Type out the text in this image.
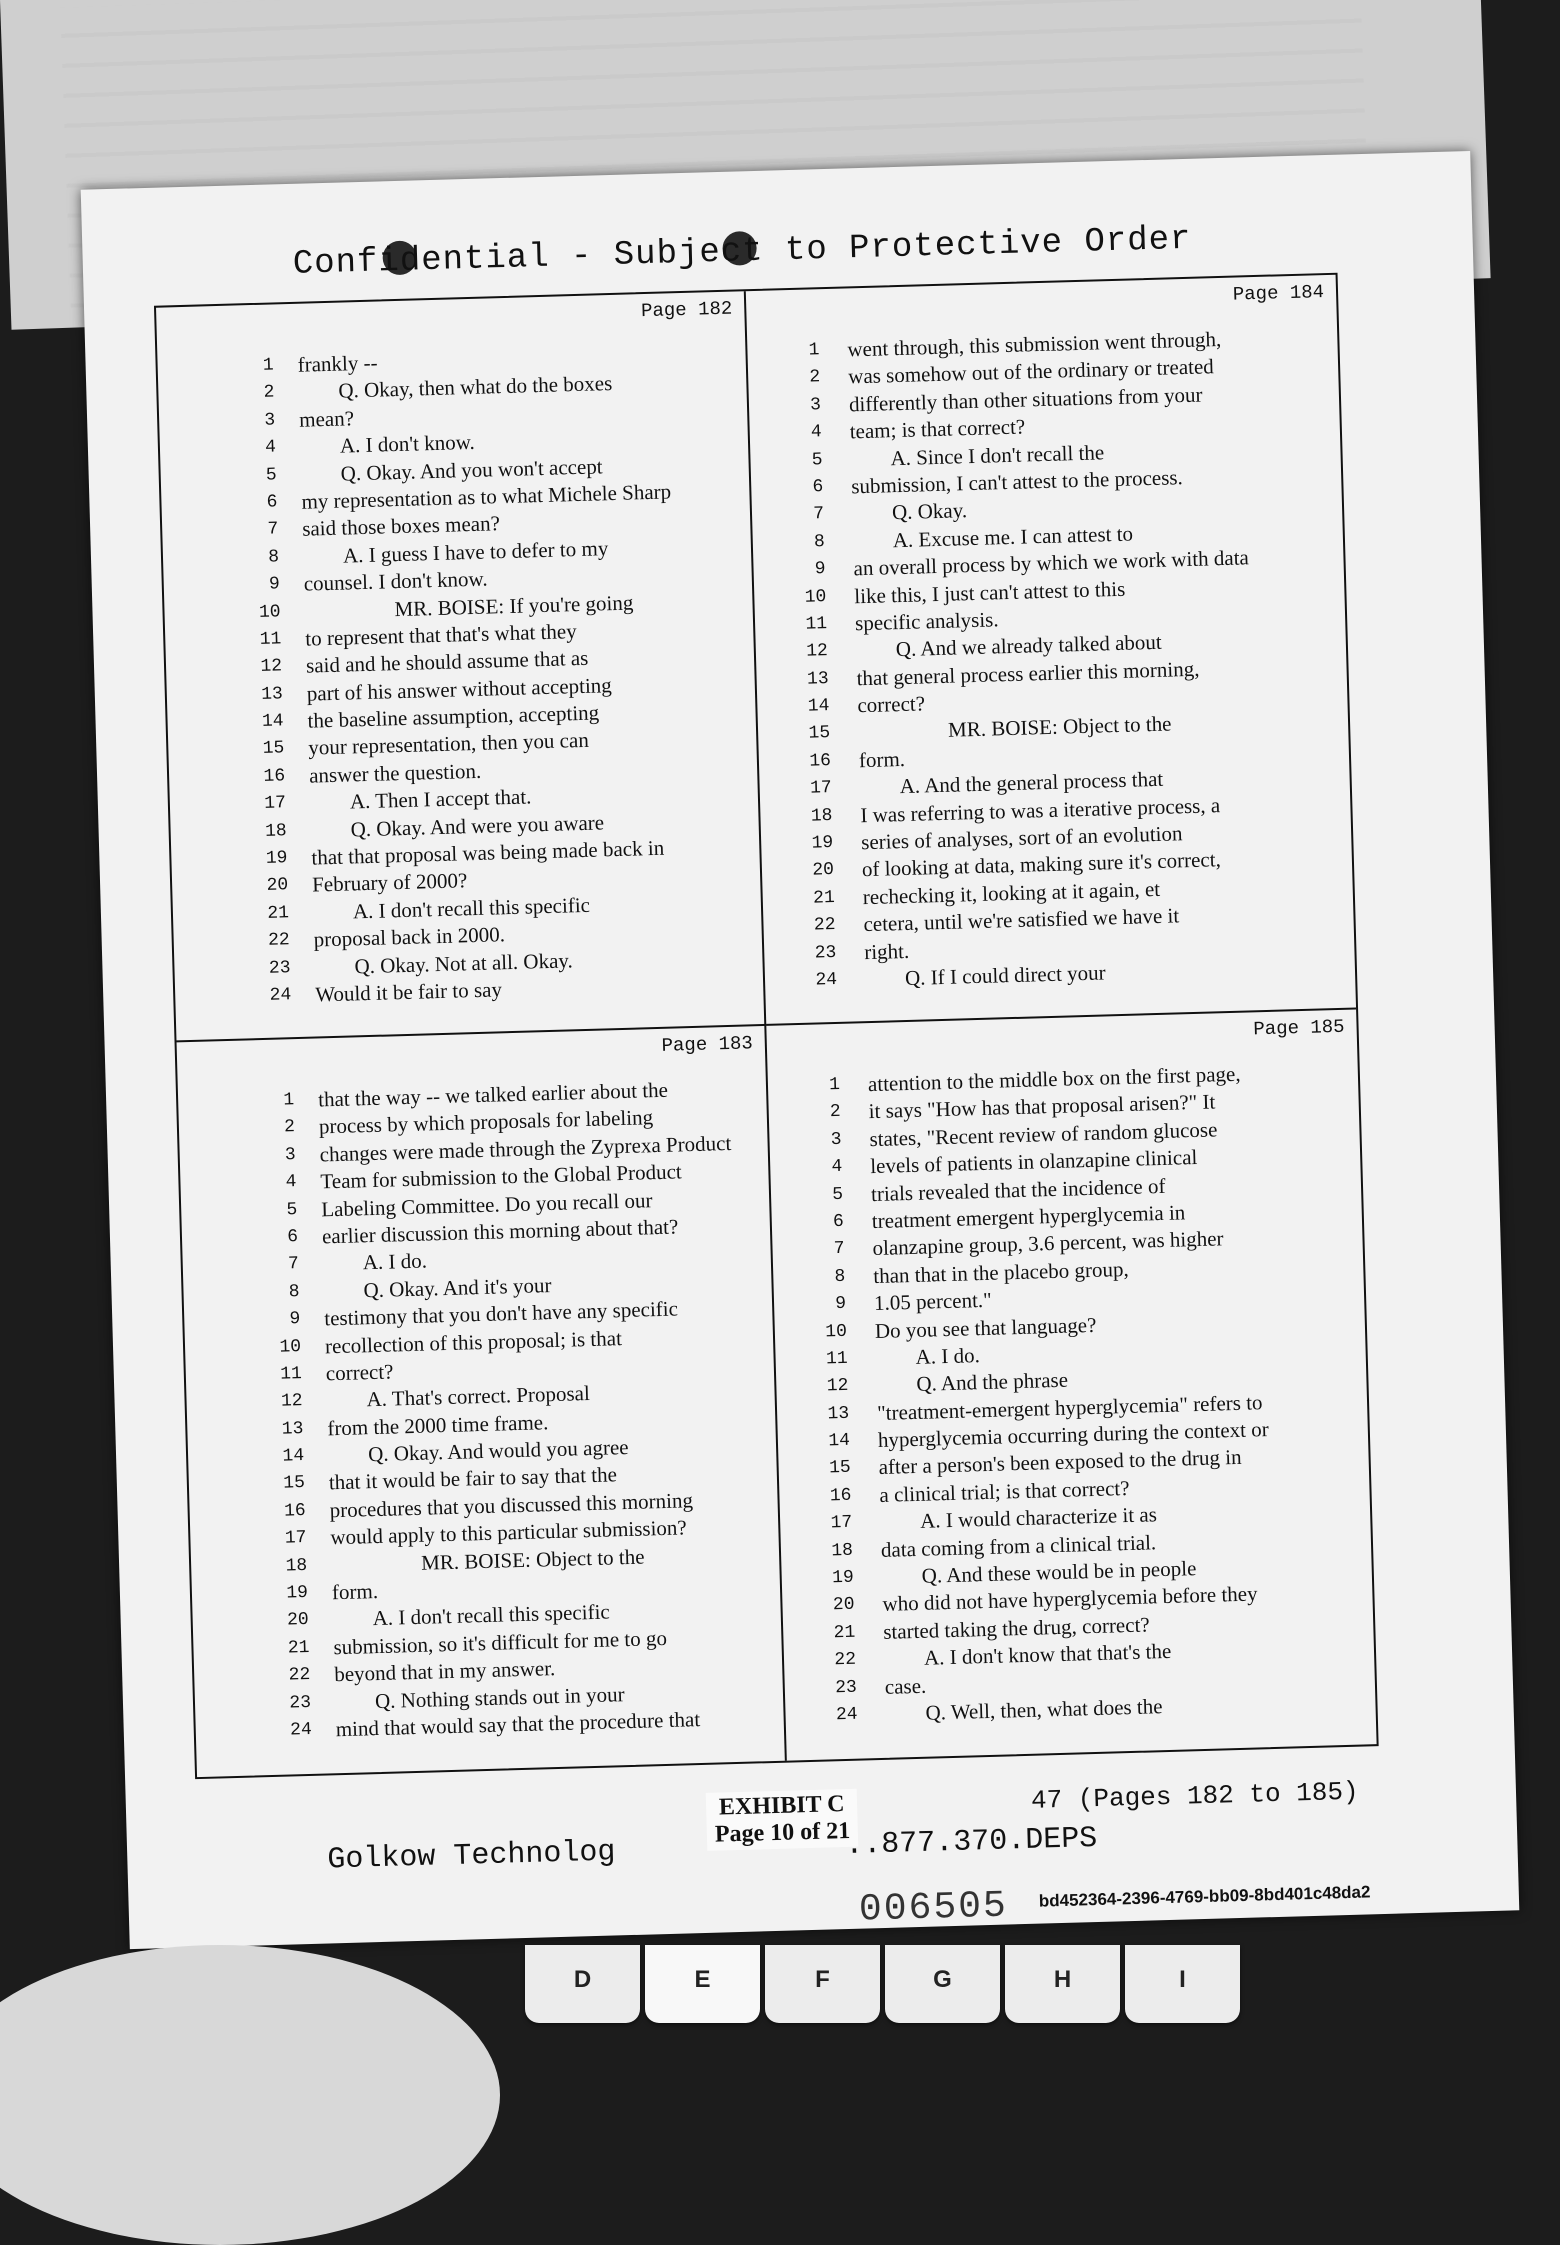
Confidential - Subject to Protective Order
Page 182
1 frankly --
2	Q. Okay, then what do the boxes
3 mean?
4	A. I don't know.
5	Q. Okay. And you won't accept
6 my representation as to what Michele Sharp
7 said those boxes mean?
8	A. I guess I have to defer to my
9 counsel. I don't know.
10	MR. BOISE: If you're going
11 to represent that that's what they
12 said and he should assume that as
13 part of his answer without accepting
14 the baseline assumption, accepting
15 your representation, then you can
16 answer the question.
17	A. Then I accept that.
18	Q. Okay. And were you aware
19 that that proposal was being made back in
20 February of 2000?
21	A. I don't recall this specific
22 proposal back in 2000.
23	Q. Okay. Not at all. Okay.
24 Would it be fair to say
Page 184
1 went through, this submission went through,
2 was somehow out of the ordinary or treated
3 differently than other situations from your
4 team; is that correct?
5	A. Since I don't recall the
6 submission, I can't attest to the process.
7	Q. Okay.
8	A. Excuse me. I can attest to
9 an overall process by which we work with data
10 like this, I just can't attest to this
11 specific analysis.
12	Q. And we already talked about
13 that general process earlier this morning,
14 correct?
15	MR. BOISE: Object to the
16 form.
17	A. And the general process that
18 I was referring to was a iterative process, a
19 series of analyses, sort of an evolution
20 of looking at data, making sure it's correct,
21 rechecking it, looking at it again, et
22 cetera, until we're satisfied we have it
23 right.
24	Q. If I could direct your
Page 183
1 that the way -- we talked earlier about the
2 process by which proposals for labeling
3 changes were made through the Zyprexa Product
4 Team for submission to the Global Product
5 Labeling Committee. Do you recall our
6 earlier discussion this morning about that?
7	A. I do.
8	Q. Okay. And it's your
9 testimony that you don't have any specific
10 recollection of this proposal; is that
11 correct?
12	A. That's correct. Proposal
13 from the 2000 time frame.
14	Q. Okay. And would you agree
15 that it would be fair to say that the
16 procedures that you discussed this morning
17 would apply to this particular submission?
18	MR. BOISE: Object to the
19 form.
20	A. I don't recall this specific
21 submission, so it's difficult for me to go
22 beyond that in my answer.
23	Q. Nothing stands out in your
24 mind that would say that the procedure that
Page 185
1 attention to the middle box on the first page,
2 it says "How has that proposal arisen?" It
3 states, "Recent review of random glucose
4 levels of patients in olanzapine clinical
5 trials revealed that the incidence of
6 treatment emergent hyperglycemia in
7 olanzapine group, 3.6 percent, was higher
8 than that in the placebo group,
9 1.05 percent."
10 Do you see that language?
11	A. I do.
12	Q. And the phrase
13 "treatment-emergent hyperglycemia" refers to
14 hyperglycemia occurring during the context or
15 after a person's been exposed to the drug in
16 a clinical trial; is that correct?
17	A. I would characterize it as
18 data coming from a clinical trial.
19	Q. And these would be in people
20 who did not have hyperglycemia before they
21 started taking the drug, correct?
22	A. I don't know that that's the
23 case.
24	Q. Well, then, what does the
EXHIBIT C
Page 10 of 21
47 (Pages 182 to 185)
Golkow Technolog	..877.370.DEPS
006505 bd452364-2396-4769-bb09-8bd401c48da2
D	E	F	G	H	I
